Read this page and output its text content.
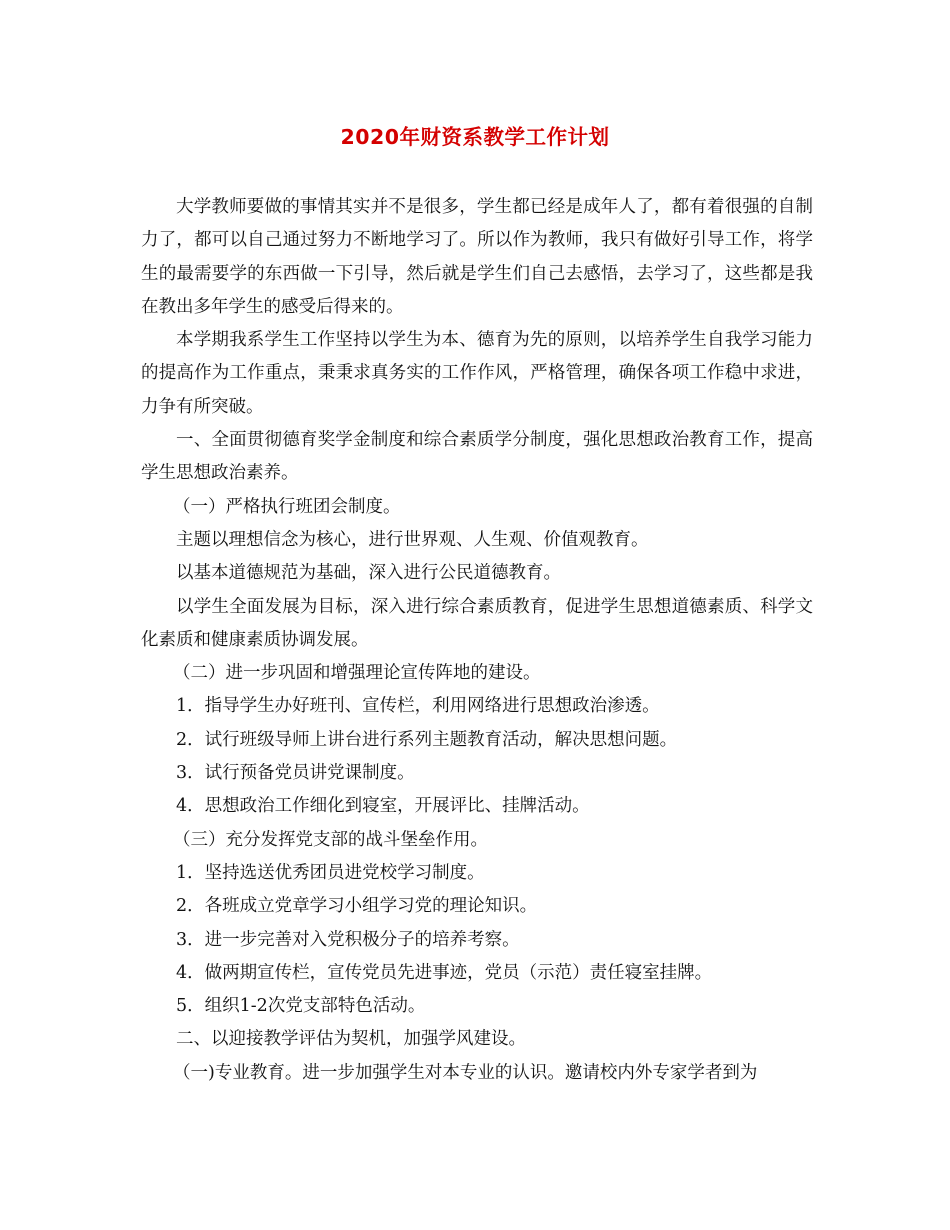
2020年财资系教学工作计划

大学教师要做的事情其实并不是很多，学生都已经是成年人了，都有着很强的自制力了，都可以自己通过努力不断地学习了。所以作为教师，我只有做好引导工作，将学生的最需要学的东西做一下引导，然后就是学生们自己去感悟，去学习了，这些都是我在教出多年学生的感受后得来的。

本学期我系学生工作坚持以学生为本、德育为先的原则，以培养学生自我学习能力的提高作为工作重点，秉秉求真务实的工作作风，严格管理，确保各项工作稳中求进，力争有所突破。

一、全面贯彻德育奖学金制度和综合素质学分制度，强化思想政治教育工作，提高学生思想政治素养。

（一）严格执行班团会制度。

主题以理想信念为核心，进行世界观、人生观、价值观教育。

以基本道德规范为基础，深入进行公民道德教育。

以学生全面发展为目标，深入进行综合素质教育，促进学生思想道德素质、科学文化素质和健康素质协调发展。

（二）进一步巩固和增强理论宣传阵地的建设。

1．指导学生办好班刊、宣传栏，利用网络进行思想政治渗透。

2．试行班级导师上讲台进行系列主题教育活动，解决思想问题。

3．试行预备党员讲党课制度。

4．思想政治工作细化到寝室，开展评比、挂牌活动。

（三）充分发挥党支部的战斗堡垒作用。

1．坚持选送优秀团员进党校学习制度。

2．各班成立党章学习小组学习党的理论知识。

3．进一步完善对入党积极分子的培养考察。

4．做两期宣传栏，宣传党员先进事迹，党员（示范）责任寝室挂牌。

5．组织1-2次党支部特色活动。

二、以迎接教学评估为契机，加强学风建设。

（一)专业教育。进一步加强学生对本专业的认识。邀请校内外专家学者到为
